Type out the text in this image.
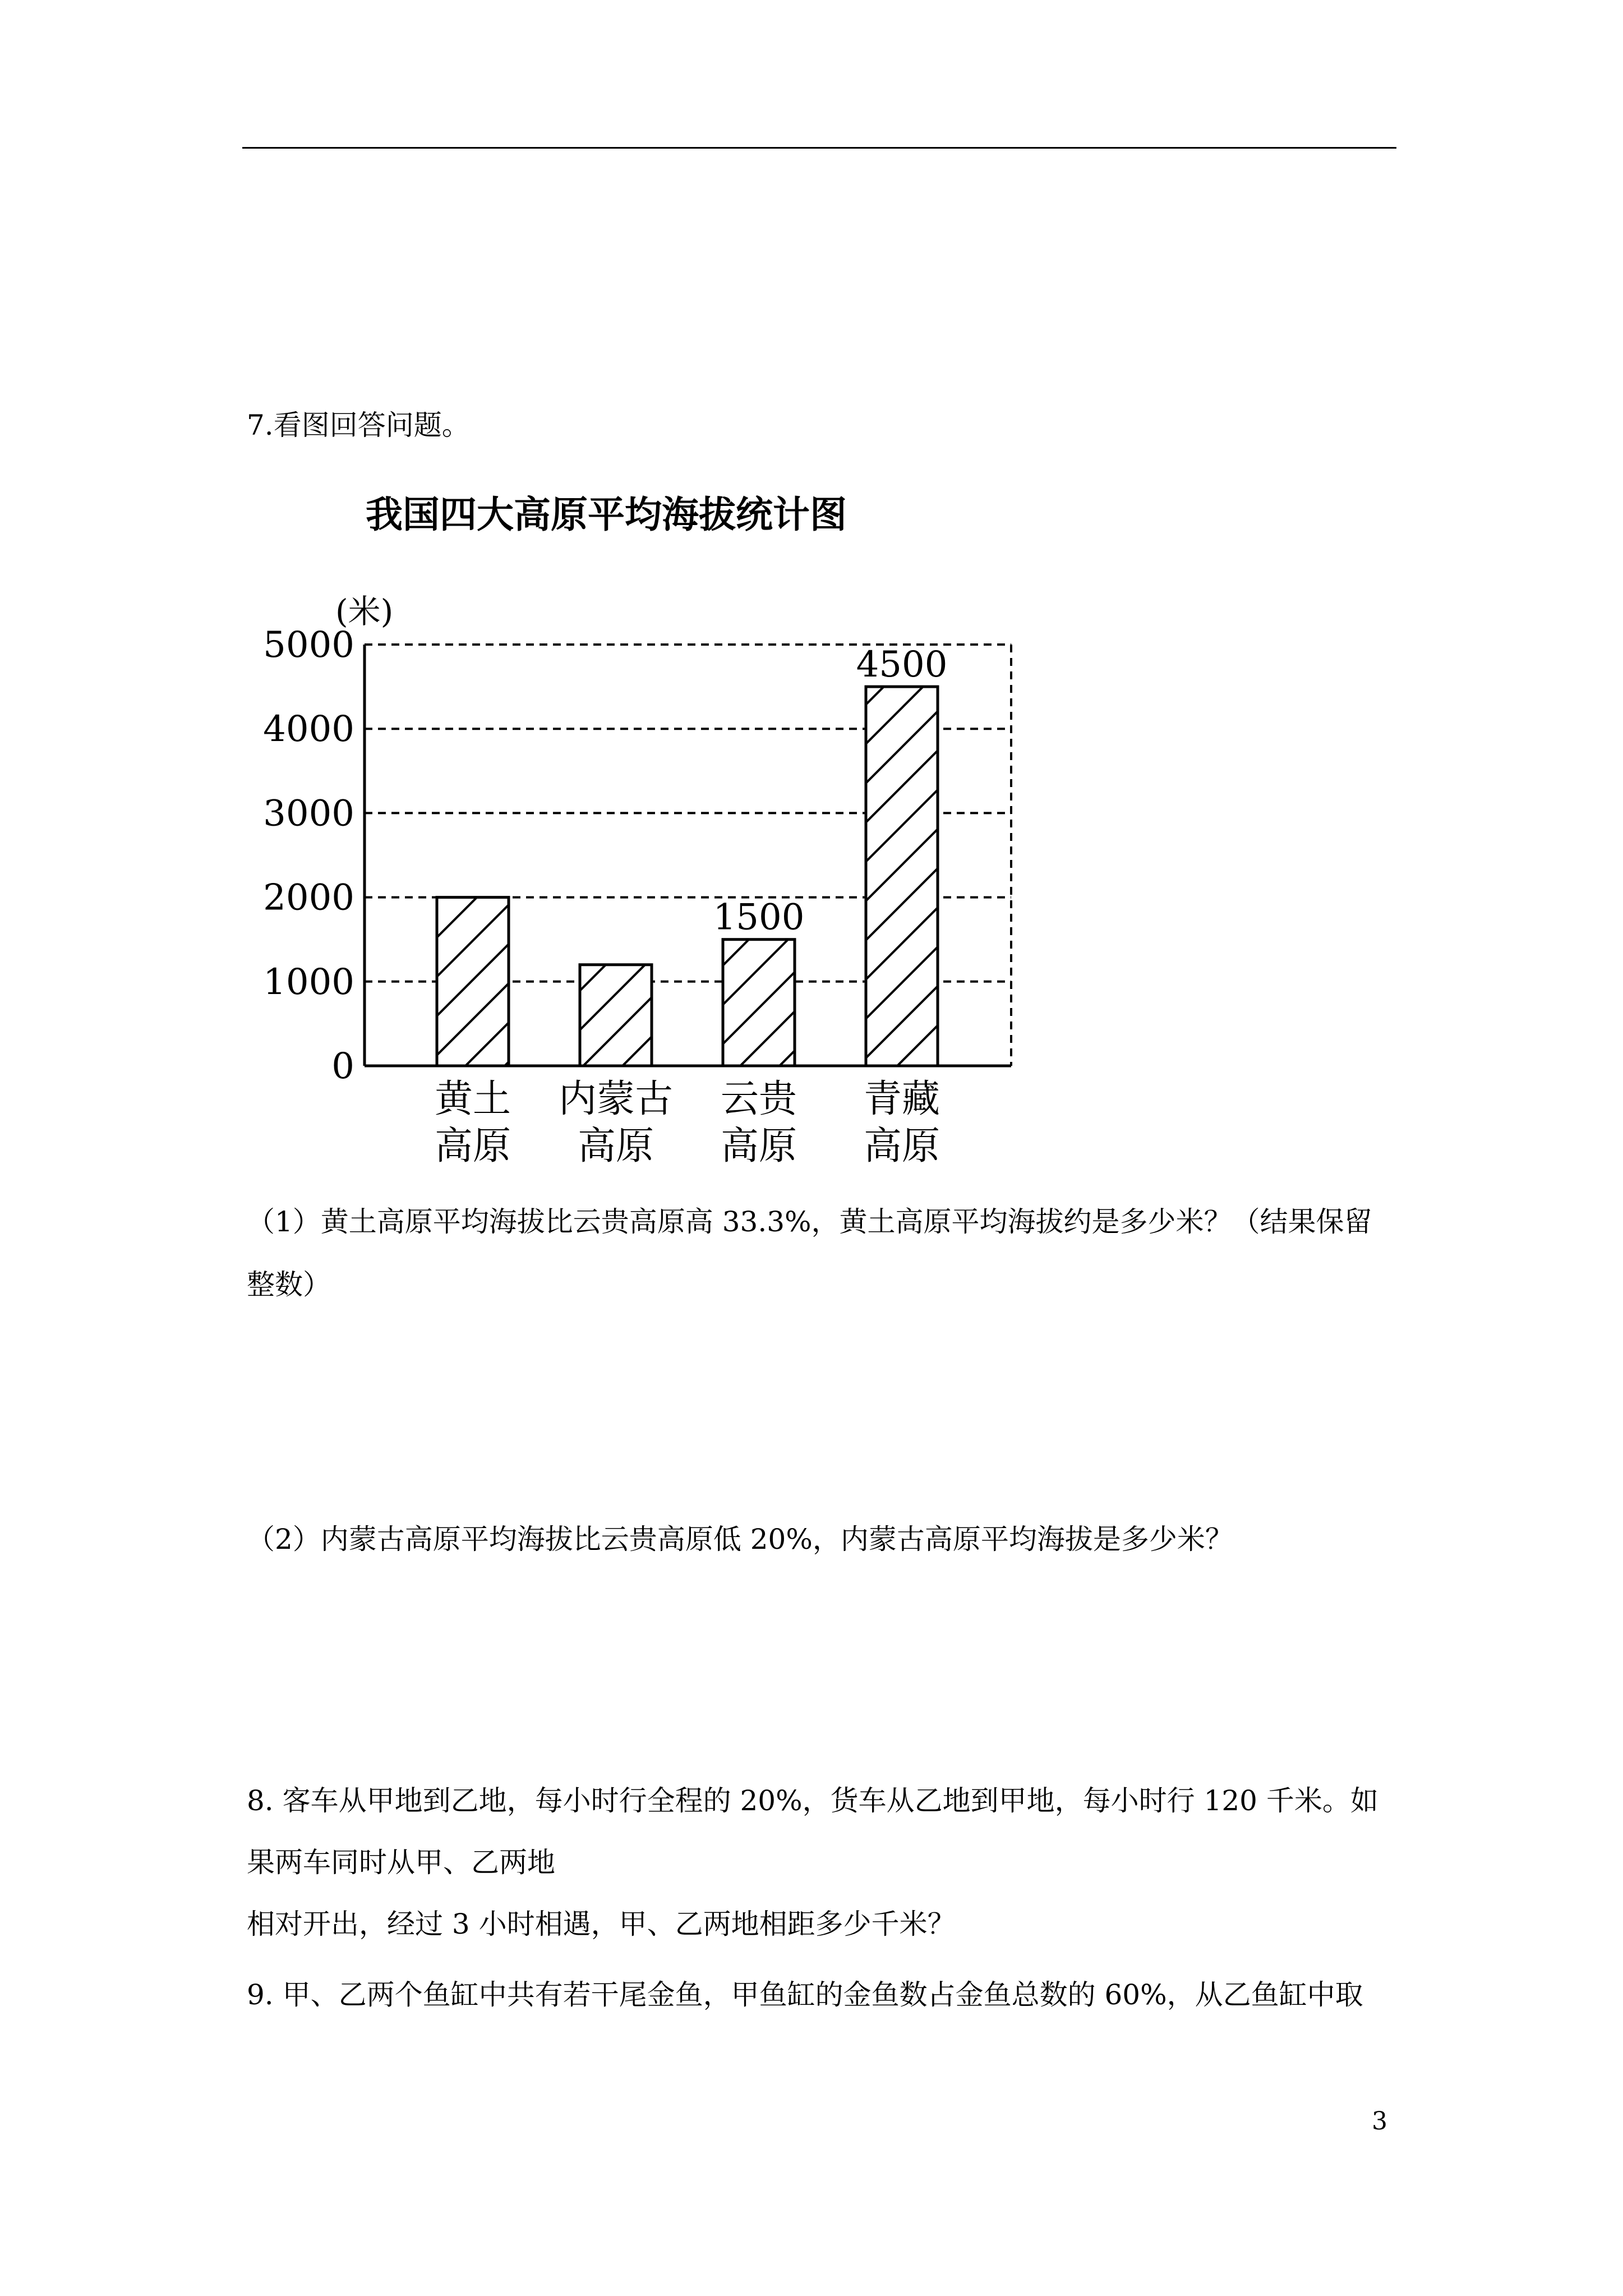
7.看图回答问题。
我国四大高原平均海拔统计图
(米)
0
1000
2000
3000
4000
5000
黄土
高原
内蒙古
高原
云贵
高原
青藏
高原
1500
4500
（1）黄土高原平均海拔比云贵高原高 33.3%，黄土高原平均海拔约是多少米？（结果保留
整数）
（2）内蒙古高原平均海拔比云贵高原低 20%，内蒙古高原平均海拔是多少米？
8. 客车从甲地到乙地，每小时行全程的 20%，货车从乙地到甲地，每小时行 120 千米。如
果两车同时从甲、乙两地
相对开出，经过 3 小时相遇，甲、乙两地相距多少千米？
9. 甲、乙两个鱼缸中共有若干尾金鱼，甲鱼缸的金鱼数占金鱼总数的 60%，从乙鱼缸中取
3
